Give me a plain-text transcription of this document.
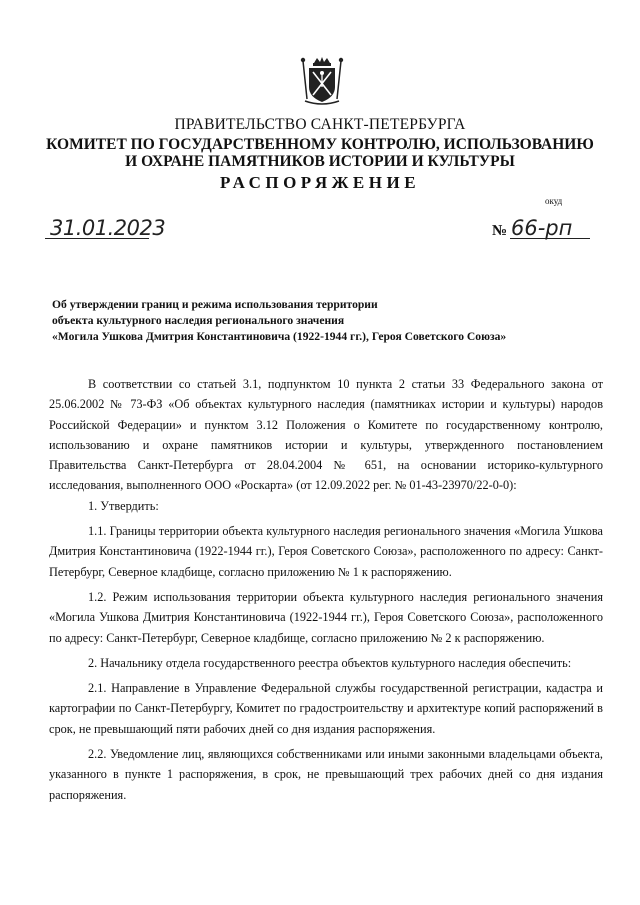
ПРАВИТЕЛЬСТВО САНКТ-ПЕТЕРБУРГА
КОМИТЕТ ПО ГОСУДАРСТВЕННОМУ КОНТРОЛЮ, ИСПОЛЬЗОВАНИЮ
И ОХРАНЕ ПАМЯТНИКОВ ИСТОРИИ И КУЛЬТУРЫ
РАСПОРЯЖЕНИЕ
окуд
31.01.2023	№ 66-рп
Об утверждении границ и режима использования территории
объекта культурного наследия регионального значения
«Могила Ушкова Дмитрия Константиновича (1922-1944 гг.), Героя Советского Союза»

В соответствии со статьей 3.1, подпунктом 10 пункта 2 статьи 33 Федерального закона от 25.06.2002 № 73-ФЗ «Об объектах культурного наследия (памятниках истории и культуры) народов Российской Федерации» и пунктом 3.12 Положения о Комитете по государственному контролю, использованию и охране памятников истории и культуры, утвержденного постановлением Правительства Санкт-Петербурга от 28.04.2004 № 651, на основании историко-культурного исследования, выполненного ООО «Роскарта» (от 12.09.2022 рег. № 01-43-23970/22-0-0):

1. Утвердить:

1.1. Границы территории объекта культурного наследия регионального значения «Могила Ушкова Дмитрия Константиновича (1922-1944 гг.), Героя Советского Союза», расположенного по адресу: Санкт-Петербург, Северное кладбище, согласно приложению № 1 к распоряжению.

1.2. Режим использования территории объекта культурного наследия регионального значения «Могила Ушкова Дмитрия Константиновича (1922-1944 гг.), Героя Советского Союза», расположенного по адресу: Санкт-Петербург, Северное кладбище, согласно приложению № 2 к распоряжению.

2. Начальнику отдела государственного реестра объектов культурного наследия обеспечить:

2.1. Направление в Управление Федеральной службы государственной регистрации, кадастра и картографии по Санкт-Петербургу, Комитет по градостроительству и архитектуре копий распоряжений в срок, не превышающий пяти рабочих дней со дня издания распоряжения.

2.2. Уведомление лиц, являющихся собственниками или иными законными владельцами объекта, указанного в пункте 1 распоряжения, в срок, не превышающий трех рабочих дней со дня издания распоряжения.
